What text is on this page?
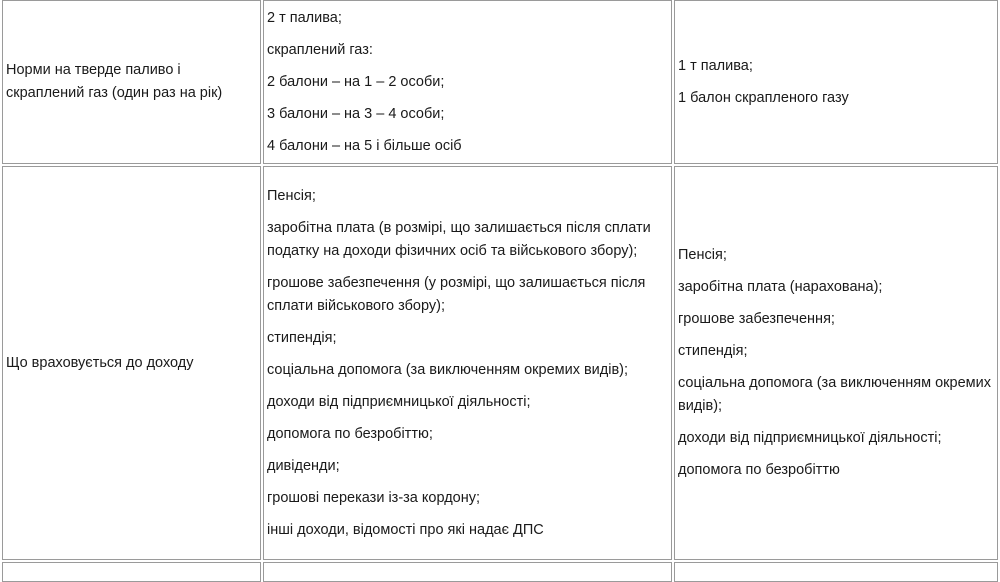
Норми на тверде паливо і скраплений газ (один раз на рік)

2 т палива;

скраплений газ:

2 балони – на 1 – 2 особи;

3 балони – на 3 – 4 особи;

4 балони – на 5 і більше осіб

1 т палива;

1 балон скрапленого газу

Що враховується до доходу

Пенсія;

заробітна плата (в розмірі, що залишається після сплати податку на доходи фізичних осіб та військового збору);

грошове забезпечення (у розмірі, що залишається після сплати військового збору);

стипендія;

соціальна допомога (за виключенням окремих видів);

доходи від підприємницької діяльності;

допомога по безробіттю;

дивіденди;

грошові перекази із-за кордону;

інші доходи, відомості про які надає ДПС

Пенсія;

заробітна плата (нарахована);

грошове забезпечення;

стипендія;

соціальна допомога (за виключенням окремих видів);

доходи від підприємницької діяльності;

допомога по безробіттю
